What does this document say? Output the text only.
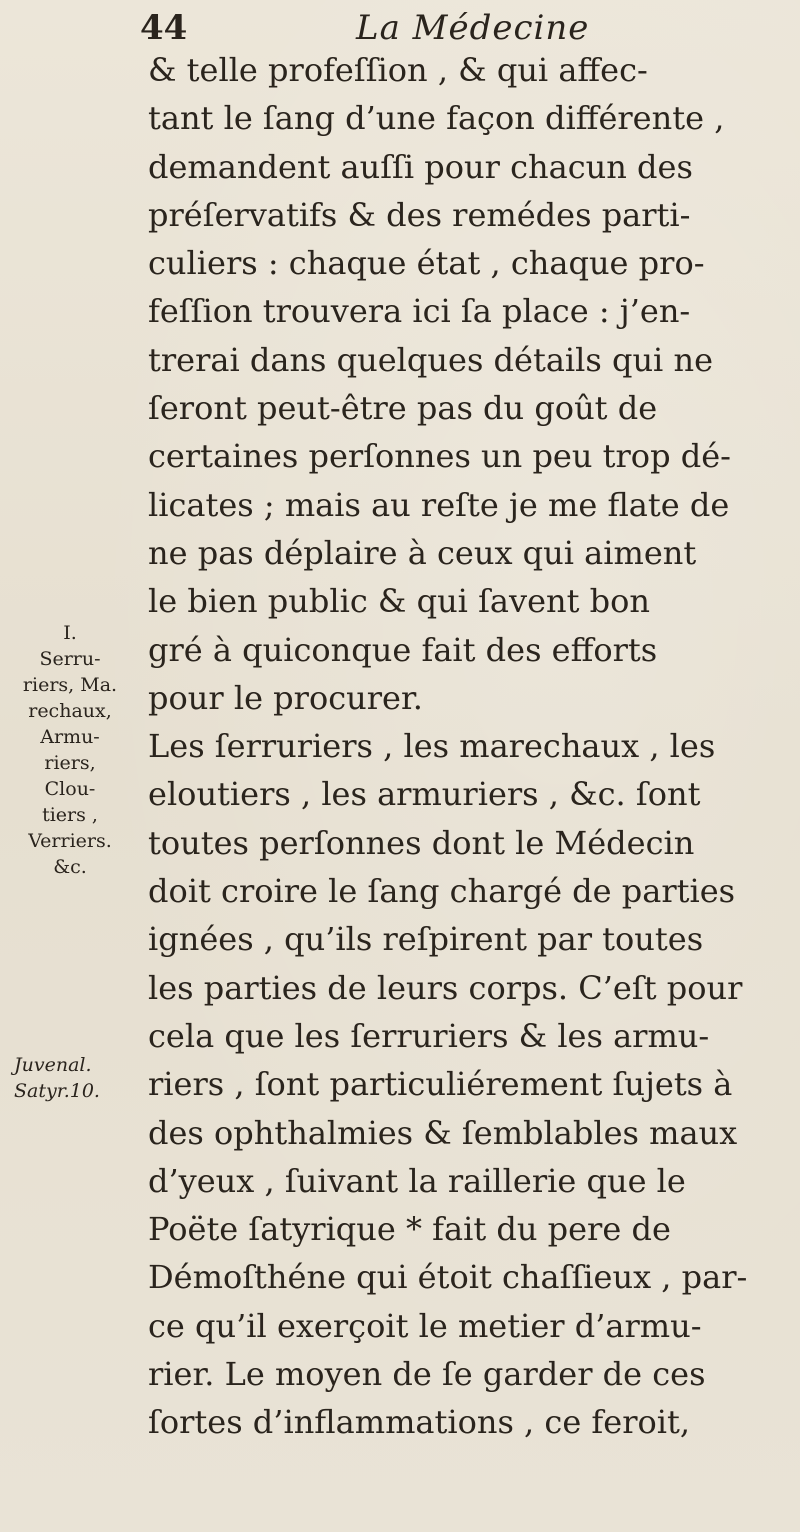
44	La Médecine
I.
Serru-
riers, Ma.
rechaux,
Armu-
riers,
Clou-
tiers ,
Verriers.
&c.
Juvenal.
Satyr.10.
& telle profeſſion , & qui affec-
tant le ſang d’une façon différente ,
demandent auſſi pour chacun des
préſervatifs & des remédes parti-
culiers : chaque état , chaque pro-
feſſion trouvera ici ſa place : j’en-
trerai dans quelques détails qui ne
ſeront peut-être pas du goût de
certaines perſonnes un peu trop dé-
licates ; mais au reſte je me flate de
ne pas déplaire à ceux qui aiment
le bien public & qui ſavent bon
gré à quiconque fait des efforts
pour le procurer.
Les ſerruriers , les marechaux , les
eloutiers , les armuriers , &c. ſont
toutes perſonnes dont le Médecin
doit croire le ſang chargé de parties
ignées , qu’ils reſpirent par toutes
les parties de leurs corps. C’eſt pour
cela que les ſerruriers & les armu-
riers , ſont particuliérement ſujets à
des ophthalmies & ſemblables maux
d’yeux , ſuivant la raillerie que le
Poëte ſatyrique * fait du pere de
Démoſthéne qui étoit chaſſieux , par-
ce qu’il exerçoit le metier d’armu-
rier. Le moyen de ſe garder de ces
ſortes d’inflammations , ce feroit,
